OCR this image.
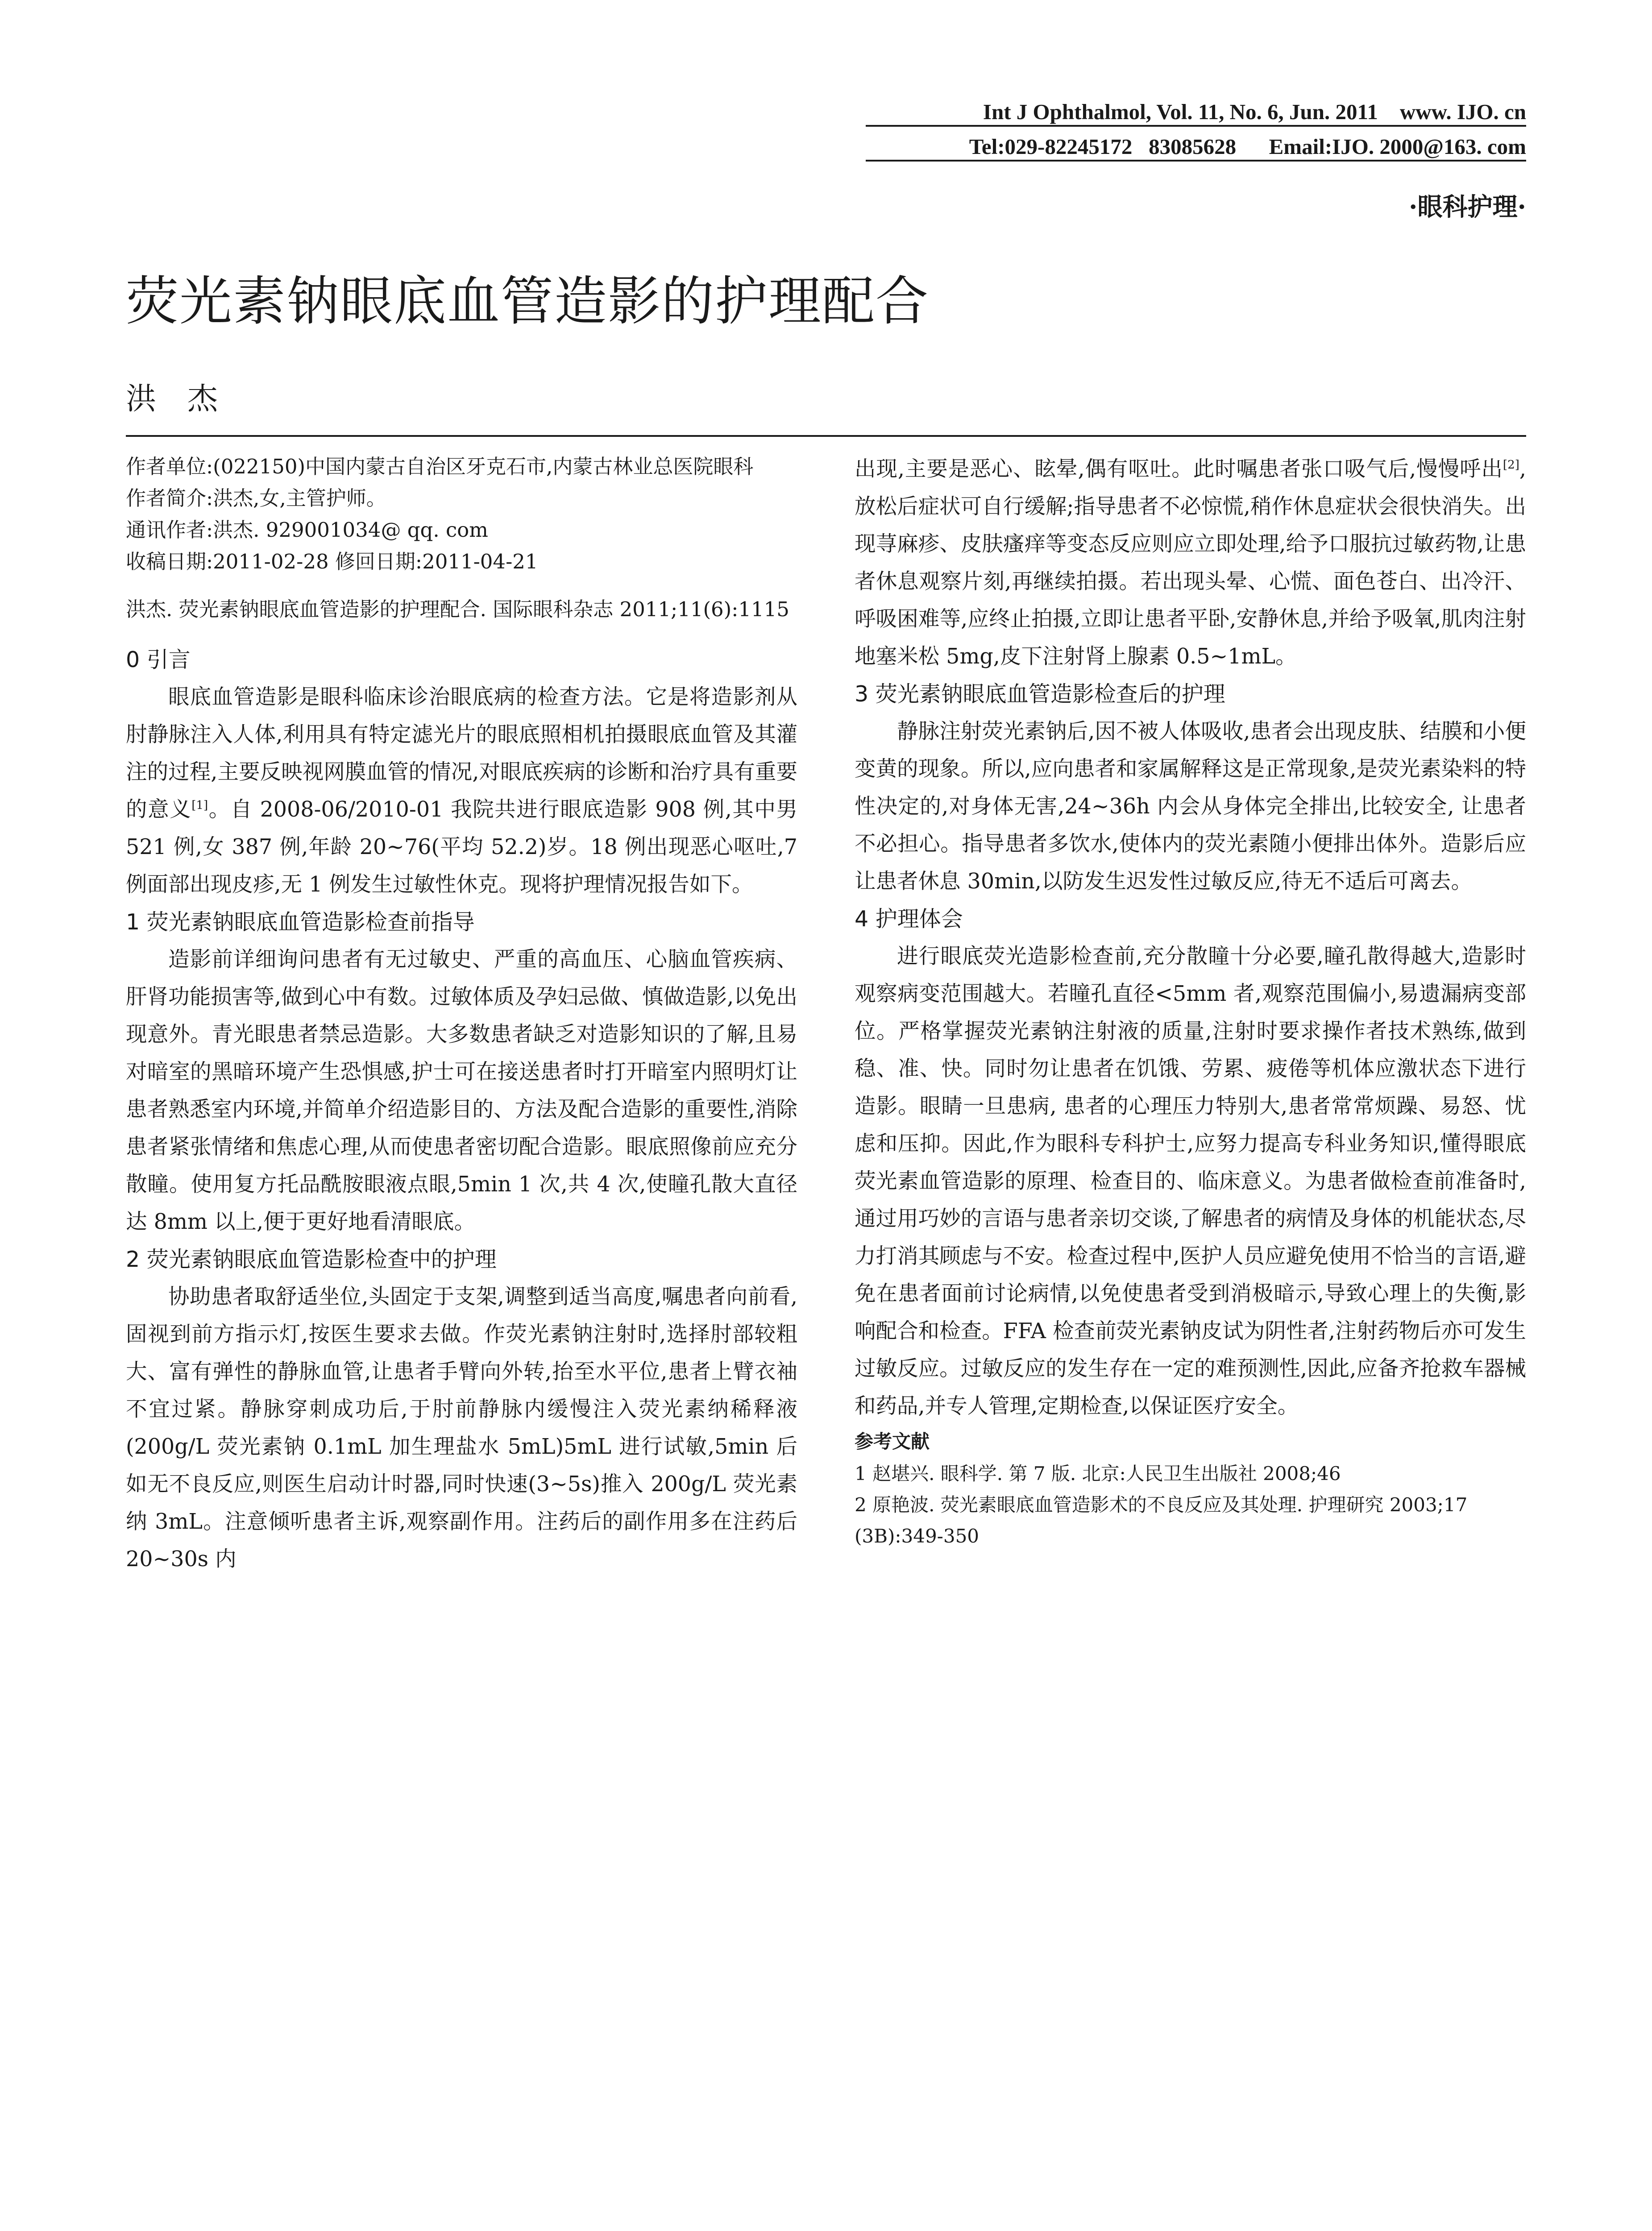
Int J Ophthalmol, Vol. 11, No. 6, Jun. 2011    www. IJO. cn
Tel:029-82245172   83085628      Email:IJO. 2000@163. com
·眼科护理·
荧光素钠眼底血管造影的护理配合
洪杰

作者单位:(022150)中国内蒙古自治区牙克石市,内蒙古林业总医院眼科

作者简介:洪杰,女,主管护师。

通讯作者:洪杰. 929001034@ qq. com

收稿日期:2011-02-28 修回日期:2011-04-21

洪杰. 荧光素钠眼底血管造影的护理配合. 国际眼科杂志 2011;11(6):1115

0 引言

眼底血管造影是眼科临床诊治眼底病的检查方法。它是将造影剂从肘静脉注入人体,利用具有特定滤光片的眼底照相机拍摄眼底血管及其灌注的过程,主要反映视网膜血管的情况,对眼底疾病的诊断和治疗具有重要的意义[1]。自 2008-06/2010-01 我院共进行眼底造影 908 例,其中男 521 例,女 387 例,年龄 20~76(平均 52.2)岁。18 例出现恶心呕吐,7 例面部出现皮疹,无 1 例发生过敏性休克。现将护理情况报告如下。

1 荧光素钠眼底血管造影检查前指导

造影前详细询问患者有无过敏史、严重的高血压、心脑血管疾病、肝肾功能损害等,做到心中有数。过敏体质及孕妇忌做、慎做造影,以免出现意外。青光眼患者禁忌造影。大多数患者缺乏对造影知识的了解,且易对暗室的黑暗环境产生恐惧感,护士可在接送患者时打开暗室内照明灯让患者熟悉室内环境,并简单介绍造影目的、方法及配合造影的重要性,消除患者紧张情绪和焦虑心理,从而使患者密切配合造影。眼底照像前应充分散瞳。使用复方托品酰胺眼液点眼,5min 1 次,共 4 次,使瞳孔散大直径达 8mm 以上,便于更好地看清眼底。

2 荧光素钠眼底血管造影检查中的护理

协助患者取舒适坐位,头固定于支架,调整到适当高度,嘱患者向前看,固视到前方指示灯,按医生要求去做。作荧光素钠注射时,选择肘部较粗大、富有弹性的静脉血管,让患者手臂向外转,抬至水平位,患者上臂衣袖不宜过紧。静脉穿刺成功后,于肘前静脉内缓慢注入荧光素纳稀释液(200g/L 荧光素钠 0.1mL 加生理盐水 5mL)5mL 进行试敏,5min 后如无不良反应,则医生启动计时器,同时快速(3~5s)推入 200g/L 荧光素纳 3mL。注意倾听患者主诉,观察副作用。注药后的副作用多在注药后 20~30s 内

出现,主要是恶心、眩晕,偶有呕吐。此时嘱患者张口吸气后,慢慢呼出[2],放松后症状可自行缓解;指导患者不必惊慌,稍作休息症状会很快消失。出现荨麻疹、皮肤瘙痒等变态反应则应立即处理,给予口服抗过敏药物,让患者休息观察片刻,再继续拍摄。若出现头晕、心慌、面色苍白、出冷汗、呼吸困难等,应终止拍摄,立即让患者平卧,安静休息,并给予吸氧,肌肉注射地塞米松 5mg,皮下注射肾上腺素 0.5~1mL。

3 荧光素钠眼底血管造影检查后的护理

静脉注射荧光素钠后,因不被人体吸收,患者会出现皮肤、结膜和小便变黄的现象。所以,应向患者和家属解释这是正常现象,是荧光素染料的特性决定的,对身体无害,24~36h 内会从身体完全排出,比较安全, 让患者不必担心。指导患者多饮水,使体内的荧光素随小便排出体外。造影后应让患者休息 30min,以防发生迟发性过敏反应,待无不适后可离去。

4 护理体会

进行眼底荧光造影检查前,充分散瞳十分必要,瞳孔散得越大,造影时观察病变范围越大。若瞳孔直径<5mm 者,观察范围偏小,易遗漏病变部位。严格掌握荧光素钠注射液的质量,注射时要求操作者技术熟练,做到稳、准、快。同时勿让患者在饥饿、劳累、疲倦等机体应激状态下进行造影。眼睛一旦患病, 患者的心理压力特别大,患者常常烦躁、易怒、忧虑和压抑。因此,作为眼科专科护士,应努力提高专科业务知识,懂得眼底荧光素血管造影的原理、检查目的、临床意义。为患者做检查前准备时,通过用巧妙的言语与患者亲切交谈,了解患者的病情及身体的机能状态,尽力打消其顾虑与不安。检查过程中,医护人员应避免使用不恰当的言语,避免在患者面前讨论病情,以免使患者受到消极暗示,导致心理上的失衡,影响配合和检查。FFA 检查前荧光素钠皮试为阴性者,注射药物后亦可发生过敏反应。过敏反应的发生存在一定的难预测性,因此,应备齐抢救车器械和药品,并专人管理,定期检查,以保证医疗安全。

参考文献

1 赵堪兴. 眼科学. 第 7 版. 北京:人民卫生出版社 2008;46

2 原艳波. 荧光素眼底血管造影术的不良反应及其处理. 护理研究 2003;17 (3B):349-350
